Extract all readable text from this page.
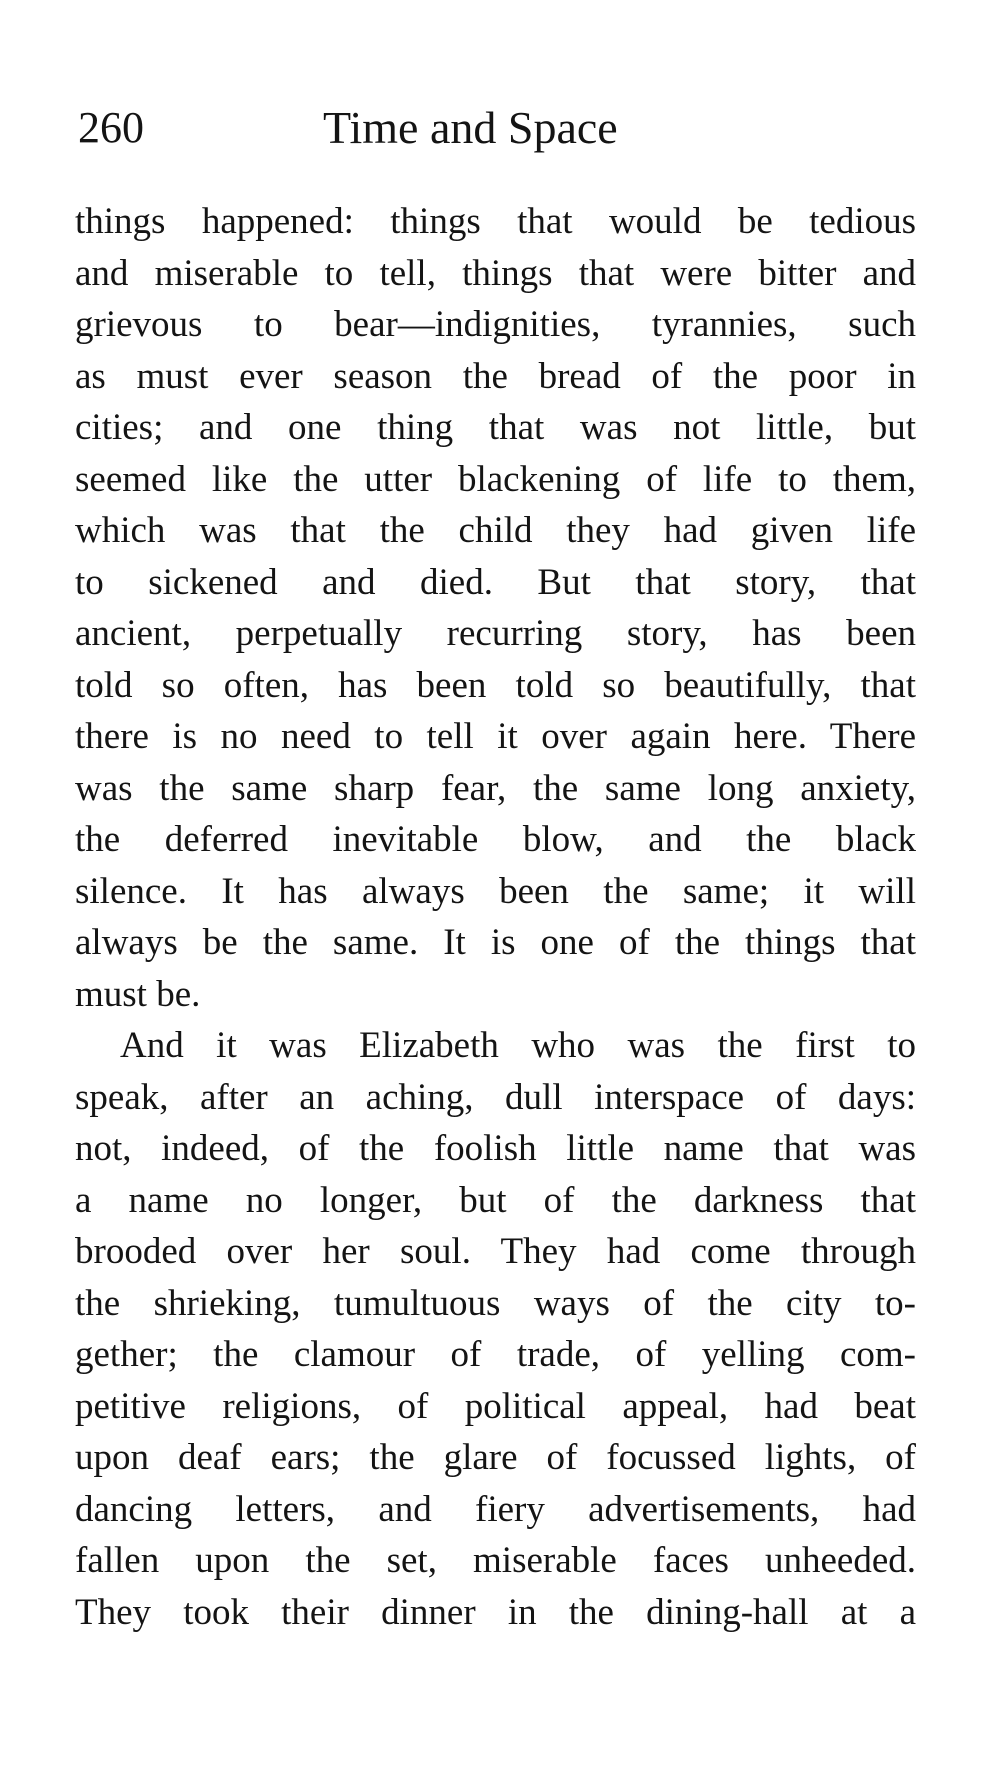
260	Time and Space
things happened: things that would be tedious
and miserable to tell, things that were bitter and
grievous to bear—indignities, tyrannies, such
as must ever season the bread of the poor in
cities; and one thing that was not little, but
seemed like the utter blackening of life to them,
which was that the child they had given life
to sickened and died. But that story, that
ancient, perpetually recurring story, has been
told so often, has been told so beautifully, that
there is no need to tell it over again here. There
was the same sharp fear, the same long anxiety,
the deferred inevitable blow, and the black
silence. It has always been the same; it will
always be the same. It is one of the things that
must be.
And it was Elizabeth who was the first to
speak, after an aching, dull interspace of days:
not, indeed, of the foolish little name that was
a name no longer, but of the darkness that
brooded over her soul. They had come through
the shrieking, tumultuous ways of the city to-
gether; the clamour of trade, of yelling com-
petitive religions, of political appeal, had beat
upon deaf ears; the glare of focussed lights, of
dancing letters, and fiery advertisements, had
fallen upon the set, miserable faces unheeded.
They took their dinner in the dining-hall at a
